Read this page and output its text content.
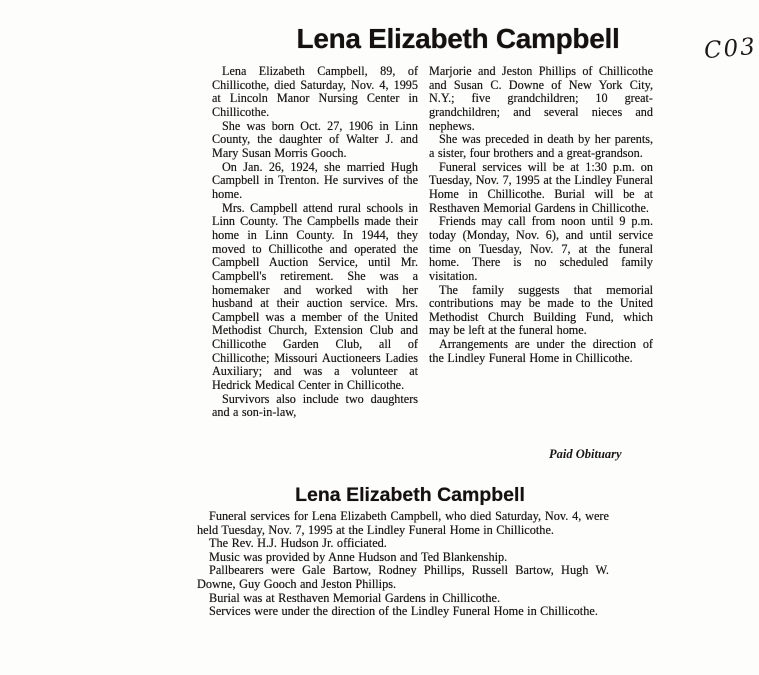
Lena Elizabeth Campbell	C03

Lena Elizabeth Campbell, 89, of Chillicothe, died Saturday, Nov. 4, 1995 at Lincoln Manor Nursing Center in Chillicothe.

She was born Oct. 27, 1906 in Linn County, the daughter of Walter J. and Mary Susan Morris Gooch.

On Jan. 26, 1924, she married Hugh Campbell in Trenton. He survives of the home.

Mrs. Campbell attend rural schools in Linn County. The Campbells made their home in Linn County. In 1944, they moved to Chillicothe and operated the Campbell Auction Service, until Mr. Campbell's retirement. She was a homemaker and worked with her husband at their auction service. Mrs. Campbell was a member of the United Methodist Church, Extension Club and Chillicothe Garden Club, all of Chillicothe; Missouri Auctioneers Ladies Auxiliary; and was a volunteer at Hedrick Medical Center in Chillicothe.

Survivors also include two daughters and a son-in-law,

Marjorie and Jeston Phillips of Chillicothe and Susan C. Downe of New York City, N.Y.; five grandchildren; 10 great-grandchildren; and several nieces and nephews.

She was preceded in death by her parents, a sister, four brothers and a great-grandson.

Funeral services will be at 1:30 p.m. on Tuesday, Nov. 7, 1995 at the Lindley Funeral Home in Chillicothe. Burial will be at Resthaven Memorial Gardens in Chillicothe.

Friends may call from noon until 9 p.m. today (Monday, Nov. 6), and until service time on Tuesday, Nov. 7, at the funeral home. There is no scheduled family visitation.

The family suggests that memorial contributions may be made to the United Methodist Church Building Fund, which may be left at the funeral home.

Arrangements are under the direction of the Lindley Funeral Home in Chillicothe.

Paid Obituary

Lena Elizabeth Campbell

Funeral services for Lena Elizabeth Campbell, who died Saturday, Nov. 4, were held Tuesday, Nov. 7, 1995 at the Lindley Funeral Home in Chillicothe.

The Rev. H.J. Hudson Jr. officiated.

Music was provided by Anne Hudson and Ted Blankenship.

Pallbearers were Gale Bartow, Rodney Phillips, Russell Bartow, Hugh W. Downe, Guy Gooch and Jeston Phillips.

Burial was at Resthaven Memorial Gardens in Chillicothe.

Services were under the direction of the Lindley Funeral Home in Chillicothe.
